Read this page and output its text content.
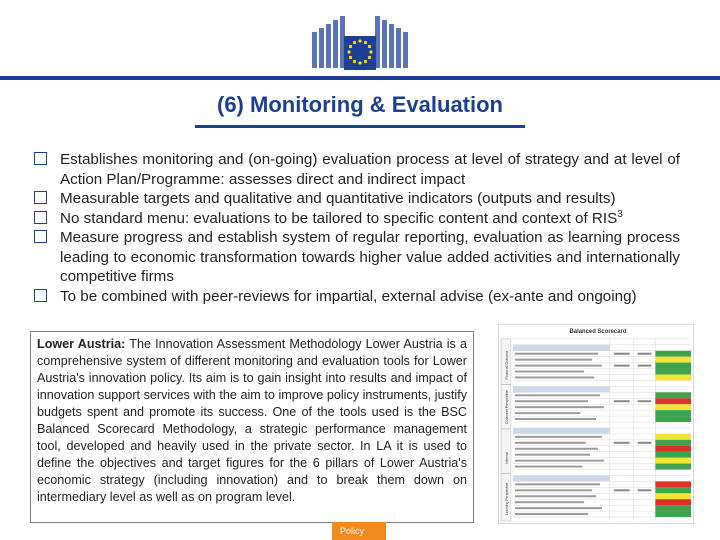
(6) Monitoring & Evaluation
Establishes monitoring and (on-going) evaluation process at level of strategy and at level of Action Plan/Programme: assesses direct and indirect impact
Measurable targets and qualitative and quantitative indicators (outputs and results)
No standard menu: evaluations to be tailored to specific content and context of RIS$^3$
Measure progress and establish system of regular reporting, evaluation as learning process leading to economic transformation towards higher value added activities and internationally competitive firms
To be combined with peer-reviews for impartial, external advise (ex-ante and ongoing)
Lower Austria: The Innovation Assessment Methodology Lower Austria is a comprehensive system of different monitoring and evaluation tools for Lower Austria's innovation policy. Its aim is to gain insight into results and impact of innovation support services with the aim to improve policy instruments, justify budgets spent and promote its success. One of the tools used is the BSC Balanced Scorecard Methodology, a strategic performance management tool, developed and heavily used in the private sector. In LA it is used to define the objectives and target figures for the 6 pillars of Lower Austria's economic strategy (including innovation) and to break them down on intermediary level as well as on program level.
Balanced Scorecard
Financial Outcome
Customer Perspective
Internal
Learning Perspective
Policy
